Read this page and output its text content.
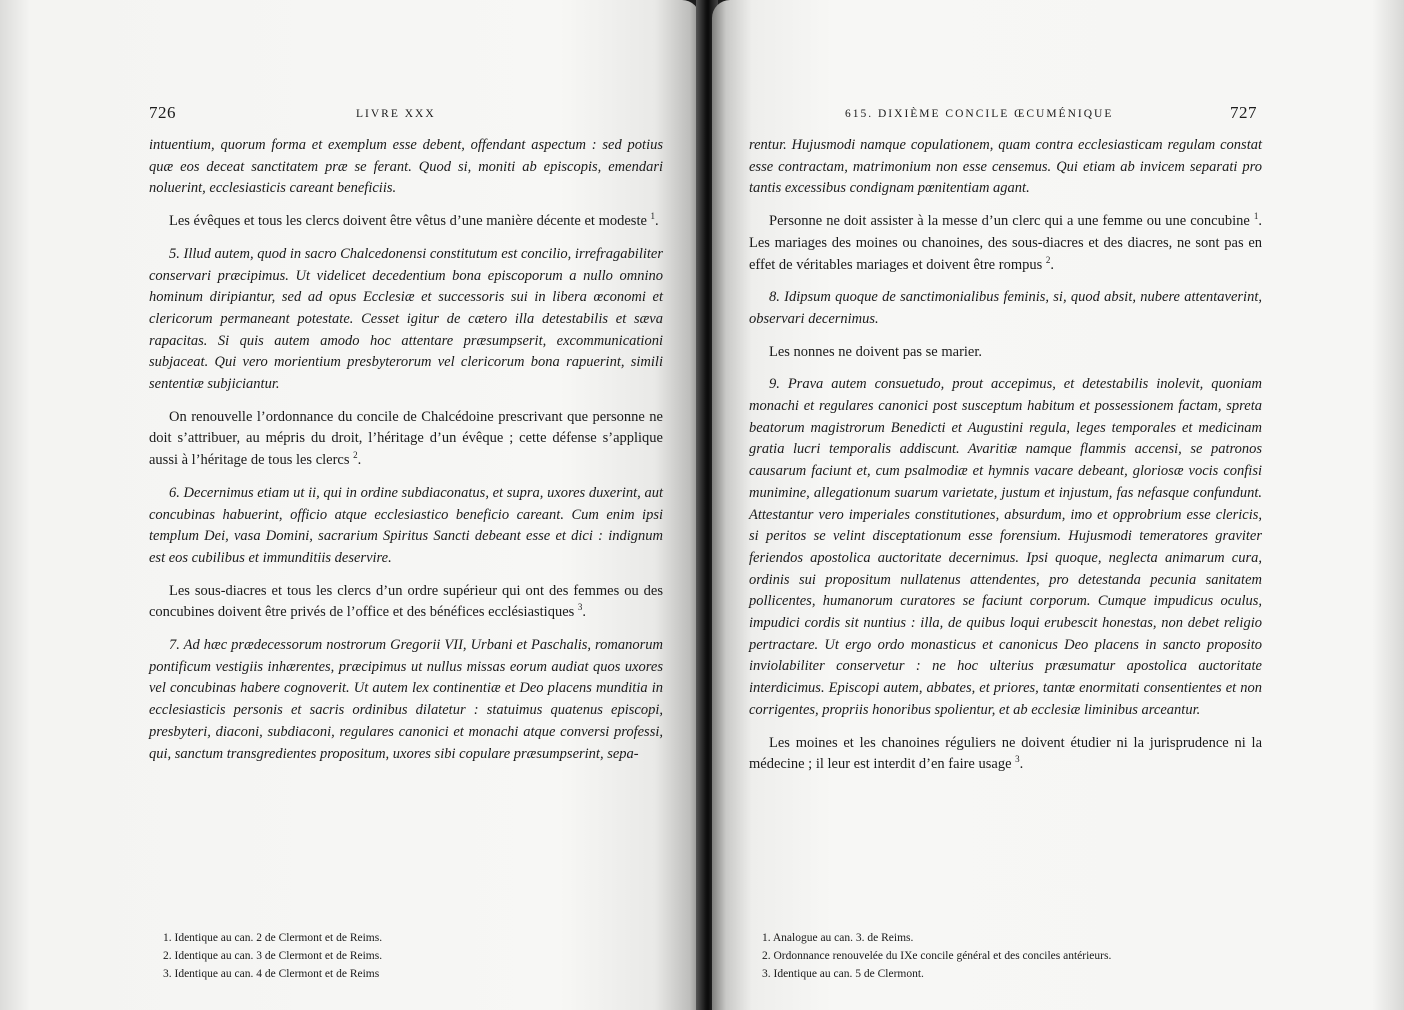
726	LIVRE XXX

intuentium, quorum forma et exemplum esse debent, offendant aspectum : sed potius quæ eos deceat sanctitatem præ se ferant. Quod si, moniti ab episcopis, emendari noluerint, ecclesiasticis careant beneficiis.

Les évêques et tous les clercs doivent être vêtus d’une manière décente et modeste $^1$.

5. Illud autem, quod in sacro Chalcedonensi constitutum est concilio, irrefragabiliter conservari præcipimus. Ut videlicet decedentium bona episcoporum a nullo omnino hominum diripiantur, sed ad opus Ecclesiæ et successoris sui in libera œconomi et clericorum permaneant potestate. Cesset igitur de cætero illa detestabilis et sæva rapacitas. Si quis autem amodo hoc attentare præsumpserit, excommunicationi subjaceat. Qui vero morientium presbyterorum vel clericorum bona rapuerint, simili sententiæ subjiciantur.

On renouvelle l’ordonnance du concile de Chalcédoine prescrivant que personne ne doit s’attribuer, au mépris du droit, l’héritage d’un évêque ; cette défense s’applique aussi à l’héritage de tous les clercs $^2$.

6. Decernimus etiam ut ii, qui in ordine subdiaconatus, et supra, uxores duxerint, aut concubinas habuerint, officio atque ecclesiastico beneficio careant. Cum enim ipsi templum Dei, vasa Domini, sacrarium Spiritus Sancti debeant esse et dici : indignum est eos cubilibus et immunditiis deservire.

Les sous-diacres et tous les clercs d’un ordre supérieur qui ont des femmes ou des concubines doivent être privés de l’office et des bénéfices ecclésiastiques $^3$.

7. Ad hæc prædecessorum nostrorum Gregorii VII, Urbani et Paschalis, romanorum pontificum vestigiis inhærentes, præcipimus ut nullus missas eorum audiat quos uxores vel concubinas habere cognoverit. Ut autem lex continentiæ et Deo placens munditia in ecclesiasticis personis et sacris ordinibus dilatetur : statuimus quatenus episcopi, presbyteri, diaconi, subdiaconi, regulares canonici et monachi atque conversi professi, qui, sanctum transgredientes propositum, uxores sibi copulare præsumpserint, sepa-

1. Identique au can. 2 de Clermont et de Reims.
2. Identique au can. 3 de Clermont et de Reims.
3. Identique au can. 4 de Clermont et de Reims
615. DIXIÈME CONCILE ŒCUMÉNIQUE	727

rentur. Hujusmodi namque copulationem, quam contra ecclesiasticam regulam constat esse contractam, matrimonium non esse censemus. Qui etiam ab invicem separati pro tantis excessibus condignam pœnitentiam agant.

Personne ne doit assister à la messe d’un clerc qui a une femme ou une concubine $^1$. Les mariages des moines ou chanoines, des sous-diacres et des diacres, ne sont pas en effet de véritables mariages et doivent être rompus $^2$.

8. Idipsum quoque de sanctimonialibus feminis, si, quod absit, nubere attentaverint, observari decernimus.

Les nonnes ne doivent pas se marier.

9. Prava autem consuetudo, prout accepimus, et detestabilis inolevit, quoniam monachi et regulares canonici post susceptum habitum et possessionem factam, spreta beatorum magistrorum Benedicti et Augustini regula, leges temporales et medicinam gratia lucri temporalis addiscunt. Avaritiæ namque flammis accensi, se patronos causarum faciunt et, cum psalmodiæ et hymnis vacare debeant, gloriosæ vocis confisi munimine, allegationum suarum varietate, justum et injustum, fas nefasque confundunt. Attestantur vero imperiales constitutiones, absurdum, imo et opprobrium esse clericis, si peritos se velint disceptationum esse forensium. Hujusmodi temeratores graviter feriendos apostolica auctoritate decernimus. Ipsi quoque, neglecta animarum cura, ordinis sui propositum nullatenus attendentes, pro detestanda pecunia sanitatem pollicentes, humanorum curatores se faciunt corporum. Cumque impudicus oculus, impudici cordis sit nuntius : illa, de quibus loqui erubescit honestas, non debet religio pertractare. Ut ergo ordo monasticus et canonicus Deo placens in sancto proposito inviolabiliter conservetur : ne hoc ulterius præsumatur apostolica auctoritate interdicimus. Episcopi autem, abbates, et priores, tantæ enormitati consentientes et non corrigentes, propriis honoribus spolientur, et ab ecclesiæ liminibus arceantur.

Les moines et les chanoines réguliers ne doivent étudier ni la jurisprudence ni la médecine ; il leur est interdit d’en faire usage $^3$.

1. Analogue au can. 3. de Reims.
2. Ordonnance renouvelée du IXe concile général et des conciles antérieurs.
3. Identique au can. 5 de Clermont.
